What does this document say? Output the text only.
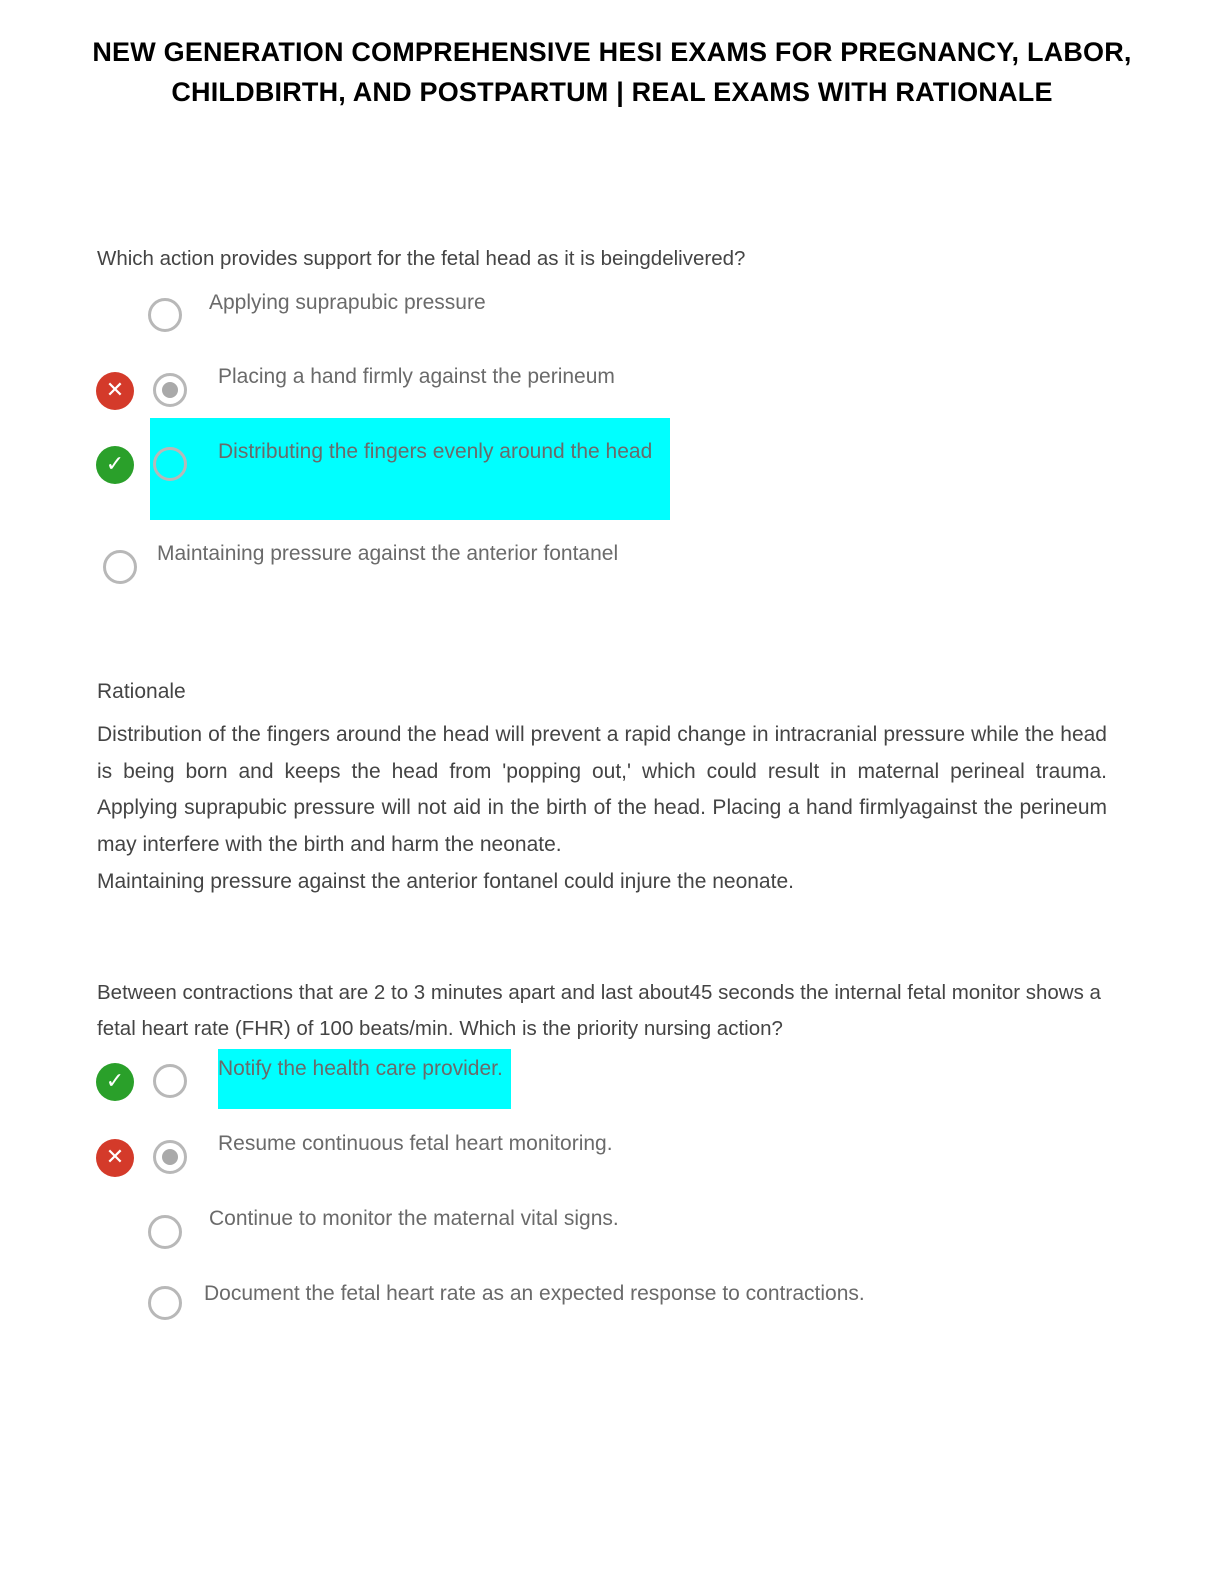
NEW GENERATION COMPREHENSIVE HESI EXAMS FOR PREGNANCY, LABOR, CHILDBIRTH, AND POSTPARTUM | REAL EXAMS WITH RATIONALE
Which action provides support for the fetal head as it is beingdelivered?
Applying suprapubic pressure
✕
Placing a hand firmly against the perineum
✓
Distributing the fingers evenly around the head
Maintaining pressure against the anterior fontanel
Rationale
Distribution of the fingers around the head will prevent a rapid change in intracranial pressure while the head is being born and keeps the head from 'popping out,' which could result in maternal perineal trauma. Applying suprapubic pressure will not aid in the birth of the head. Placing a hand firmlyagainst the perineum may interfere with the birth and harm the neonate.
Maintaining pressure against the anterior fontanel could injure the neonate.
Between contractions that are 2 to 3 minutes apart and last about45 seconds the internal fetal monitor shows a fetal heart rate (FHR) of 100 beats/min. Which is the priority nursing action?
✓
Notify the health care provider.
✕
Resume continuous fetal heart monitoring.
Continue to monitor the maternal vital signs.
Document the fetal heart rate as an expected response to contractions.
